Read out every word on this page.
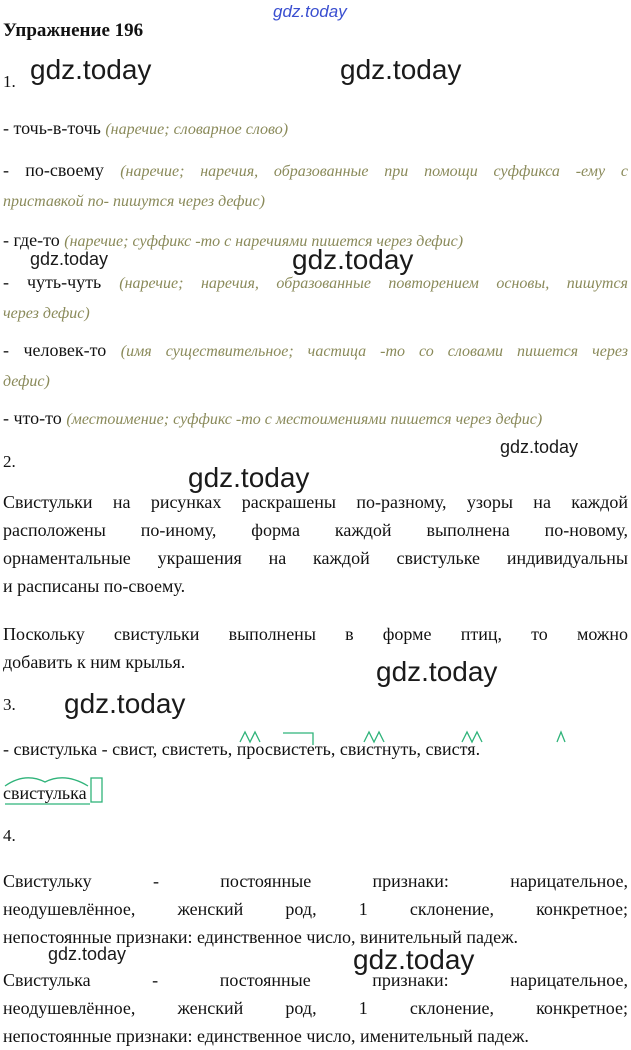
gdz.today
Упражнение 196
1.
- точь-в-точь (наречие; словарное слово)
- по-своему (наречие; наречия, образованные при помощи суффикса -ему с
приставкой по- пишутся через дефис)
- где-то (наречие; суффикс -то с наречиями пишется через дефис)
- чуть-чуть (наречие; наречия, образованные повторением основы, пишутся
через дефис)
- человек-то (имя существительное; частица -то со словами пишется через
дефис)
- что-то (местоимение; суффикс -то с местоимениями пишется через дефис)
2.
Свистульки на рисунках раскрашены по-разному, узоры на каждой
расположены по-иному, форма каждой выполнена по-новому,
орнаментальные украшения на каждой свистульке индивидуальны
и расписаны по-своему.
Поскольку свистульки выполнены в форме птиц, то можно
добавить к ним крылья.
3.
- свистулька - свист, свистеть, просвистеть, свистнуть, свистя.
свистулька
4.
Свистульку - постоянные признаки: нарицательное,
неодушевлённое, женский род, 1 склонение, конкретное;
непостоянные признаки: единственное число, винительный падеж.
Свистулька - постоянные признаки: нарицательное,
неодушевлённое, женский род, 1 склонение, конкретное;
непостоянные признаки: единственное число, именительный падеж.
gdz.today	gdz.today
gdz.today	gdz.today
gdz.today
gdz.today
gdz.today
gdz.today
gdz.today	gdz.today
